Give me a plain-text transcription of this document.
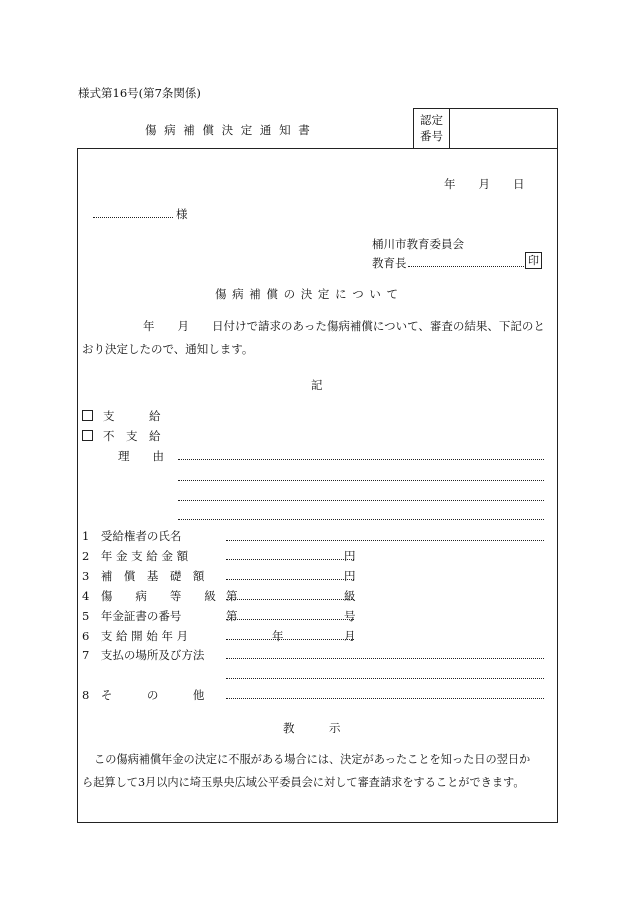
様式第16号(第7条関係)
認定
番号
傷 病 補 償 決 定 通 知 書
年　　月　　日
様
桶川市教育委員会
教育長	印
傷 病 補 償 の 決 定 に つ い て
年　　月　　日付けで請求のあった傷病補償について、審査の結果、下記のと
おり決定したので、通知します。
記
支　　　給
不　支　給
理　　由
1　受給権者の氏名
2　年 金 支 給 金 額	円
3　補　償　基　礎　額	円
4　傷　　病　　等　　級 第	級
5　年金証書の番号	第	号
6　支 給 開 始 年 月	年	月
7　支払の場所及び方法
8　そ　　　の　　　他
教　　　示
この傷病補償年金の決定に不服がある場合には、決定があったことを知った日の翌日か
ら起算して3月以内に埼玉県央広域公平委員会に対して審査請求をすることができます。
